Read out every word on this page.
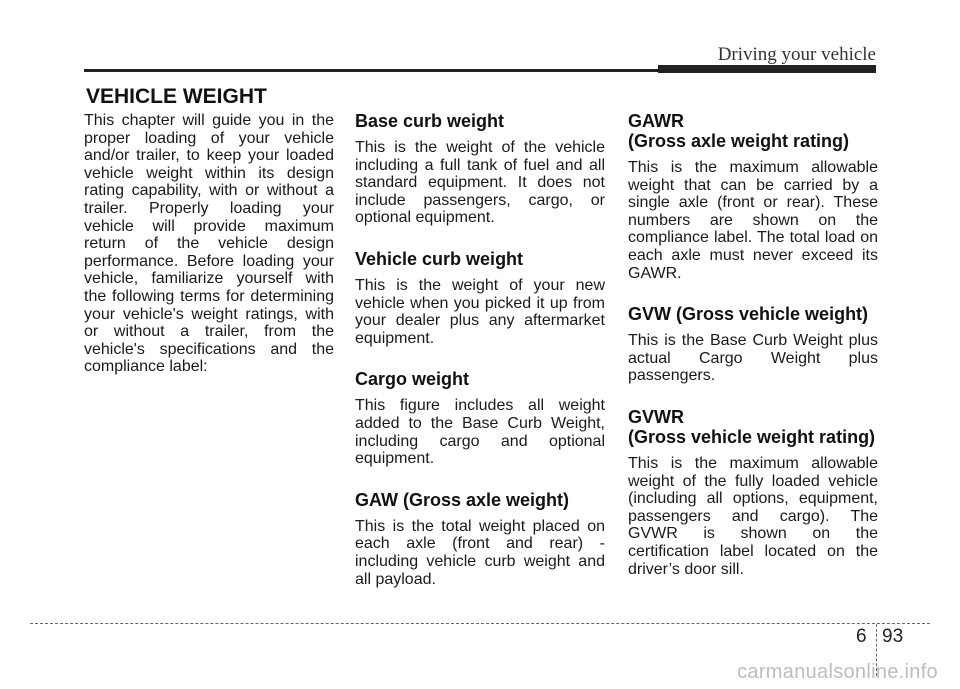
Driving your vehicle
VEHICLE WEIGHT

This chapter will guide you in the proper loading of your vehicle and/or trailer, to keep your loaded vehicle weight within its design rating capability, with or without a trailer. Properly loading your vehicle will provide maximum return of the vehicle design performance. Before loading your vehicle, familiarize yourself with the following terms for determining your vehicle's weight ratings, with or without a trailer, from the vehicle's specifications and the compliance label:

Base curb weight

This is the weight of the vehicle including a full tank of fuel and all standard equipment. It does not include passengers, cargo, or optional equipment.

Vehicle curb weight

This is the weight of your new vehicle when you picked it up from your dealer plus any aftermarket equipment.

Cargo weight

This figure includes all weight added to the Base Curb Weight, including cargo and optional equipment.

GAW (Gross axle weight)

This is the total weight placed on each axle (front and rear) - including vehicle curb weight and all payload.

GAWR
(Gross axle weight rating)

This is the maximum allowable weight that can be carried by a single axle (front or rear). These numbers are shown on the compliance label. The total load on each axle must never exceed its GAWR.

GVW (Gross vehicle weight)

This is the Base Curb Weight plus actual Cargo Weight plus passengers.

GVWR
(Gross vehicle weight rating)

This is the maximum allowable weight of the fully loaded vehicle (including all options, equipment, passengers and cargo). The GVWR is shown on the certification label located on the driver’s door sill.

6 93
carmanualsonline.info
